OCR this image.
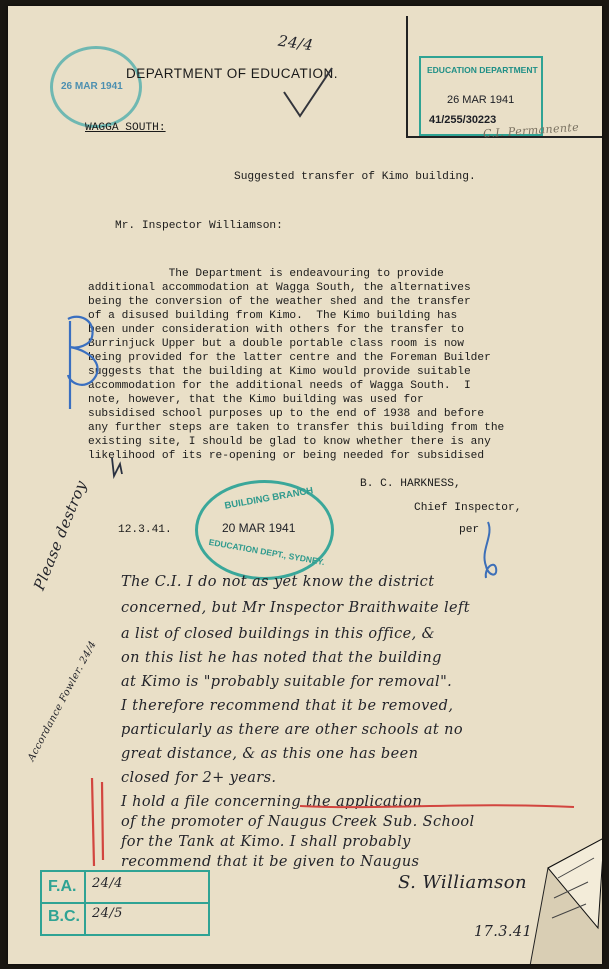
26 MAR 1941
DEPARTMENT OF EDUCATION.
24/4
EDUCATION DEPARTMENT
26 MAR 1941
41/255/30223
C.I. Permanente
WAGGA SOUTH:
Suggested transfer of Kimo building.
Mr. Inspector Williamson:
The Department is endeavouring to provide
additional accommodation at Wagga South, the alternatives
being the conversion of the weather shed and the transfer
of a disused building from Kimo.  The Kimo building has
been under consideration with others for the transfer to
Burrinjuck Upper but a double portable class room is now
being provided for the latter centre and the Foreman Builder
suggests that the building at Kimo would provide suitable
accommodation for the additional needs of Wagga South.  I
note, however, that the Kimo building was used for
subsidised school purposes up to the end of 1938 and before
any further steps are taken to transfer this building from the
existing site, I should be glad to know whether there is any
likelihood of its re-opening or being needed for subsidised
B. C. HARKNESS,
Chief Inspector,
12.3.41.	per
BUILDING BRANCH
20 MAR 1941
EDUCATION DEPT., SYDNEY.
Please destroy
Accordance Fowler. 24/4
The C.I. I do not as yet know the district
concerned, but Mr Inspector Braithwaite left
a list of closed buildings in this office, &
on this list he has noted that the building
at Kimo is "probably suitable for removal".
I therefore recommend that it be removed,
particularly as there are other schools at no
great distance, & as this one has been
closed for 2+ years.
I hold a file concerning the application
of the promoter of Naugus Creek Sub. School
for the Tank at Kimo. I shall probably
recommend that it be given to Naugus
S. Williamson
17.3.41
F.A.
B.C.
24/4
24/5
